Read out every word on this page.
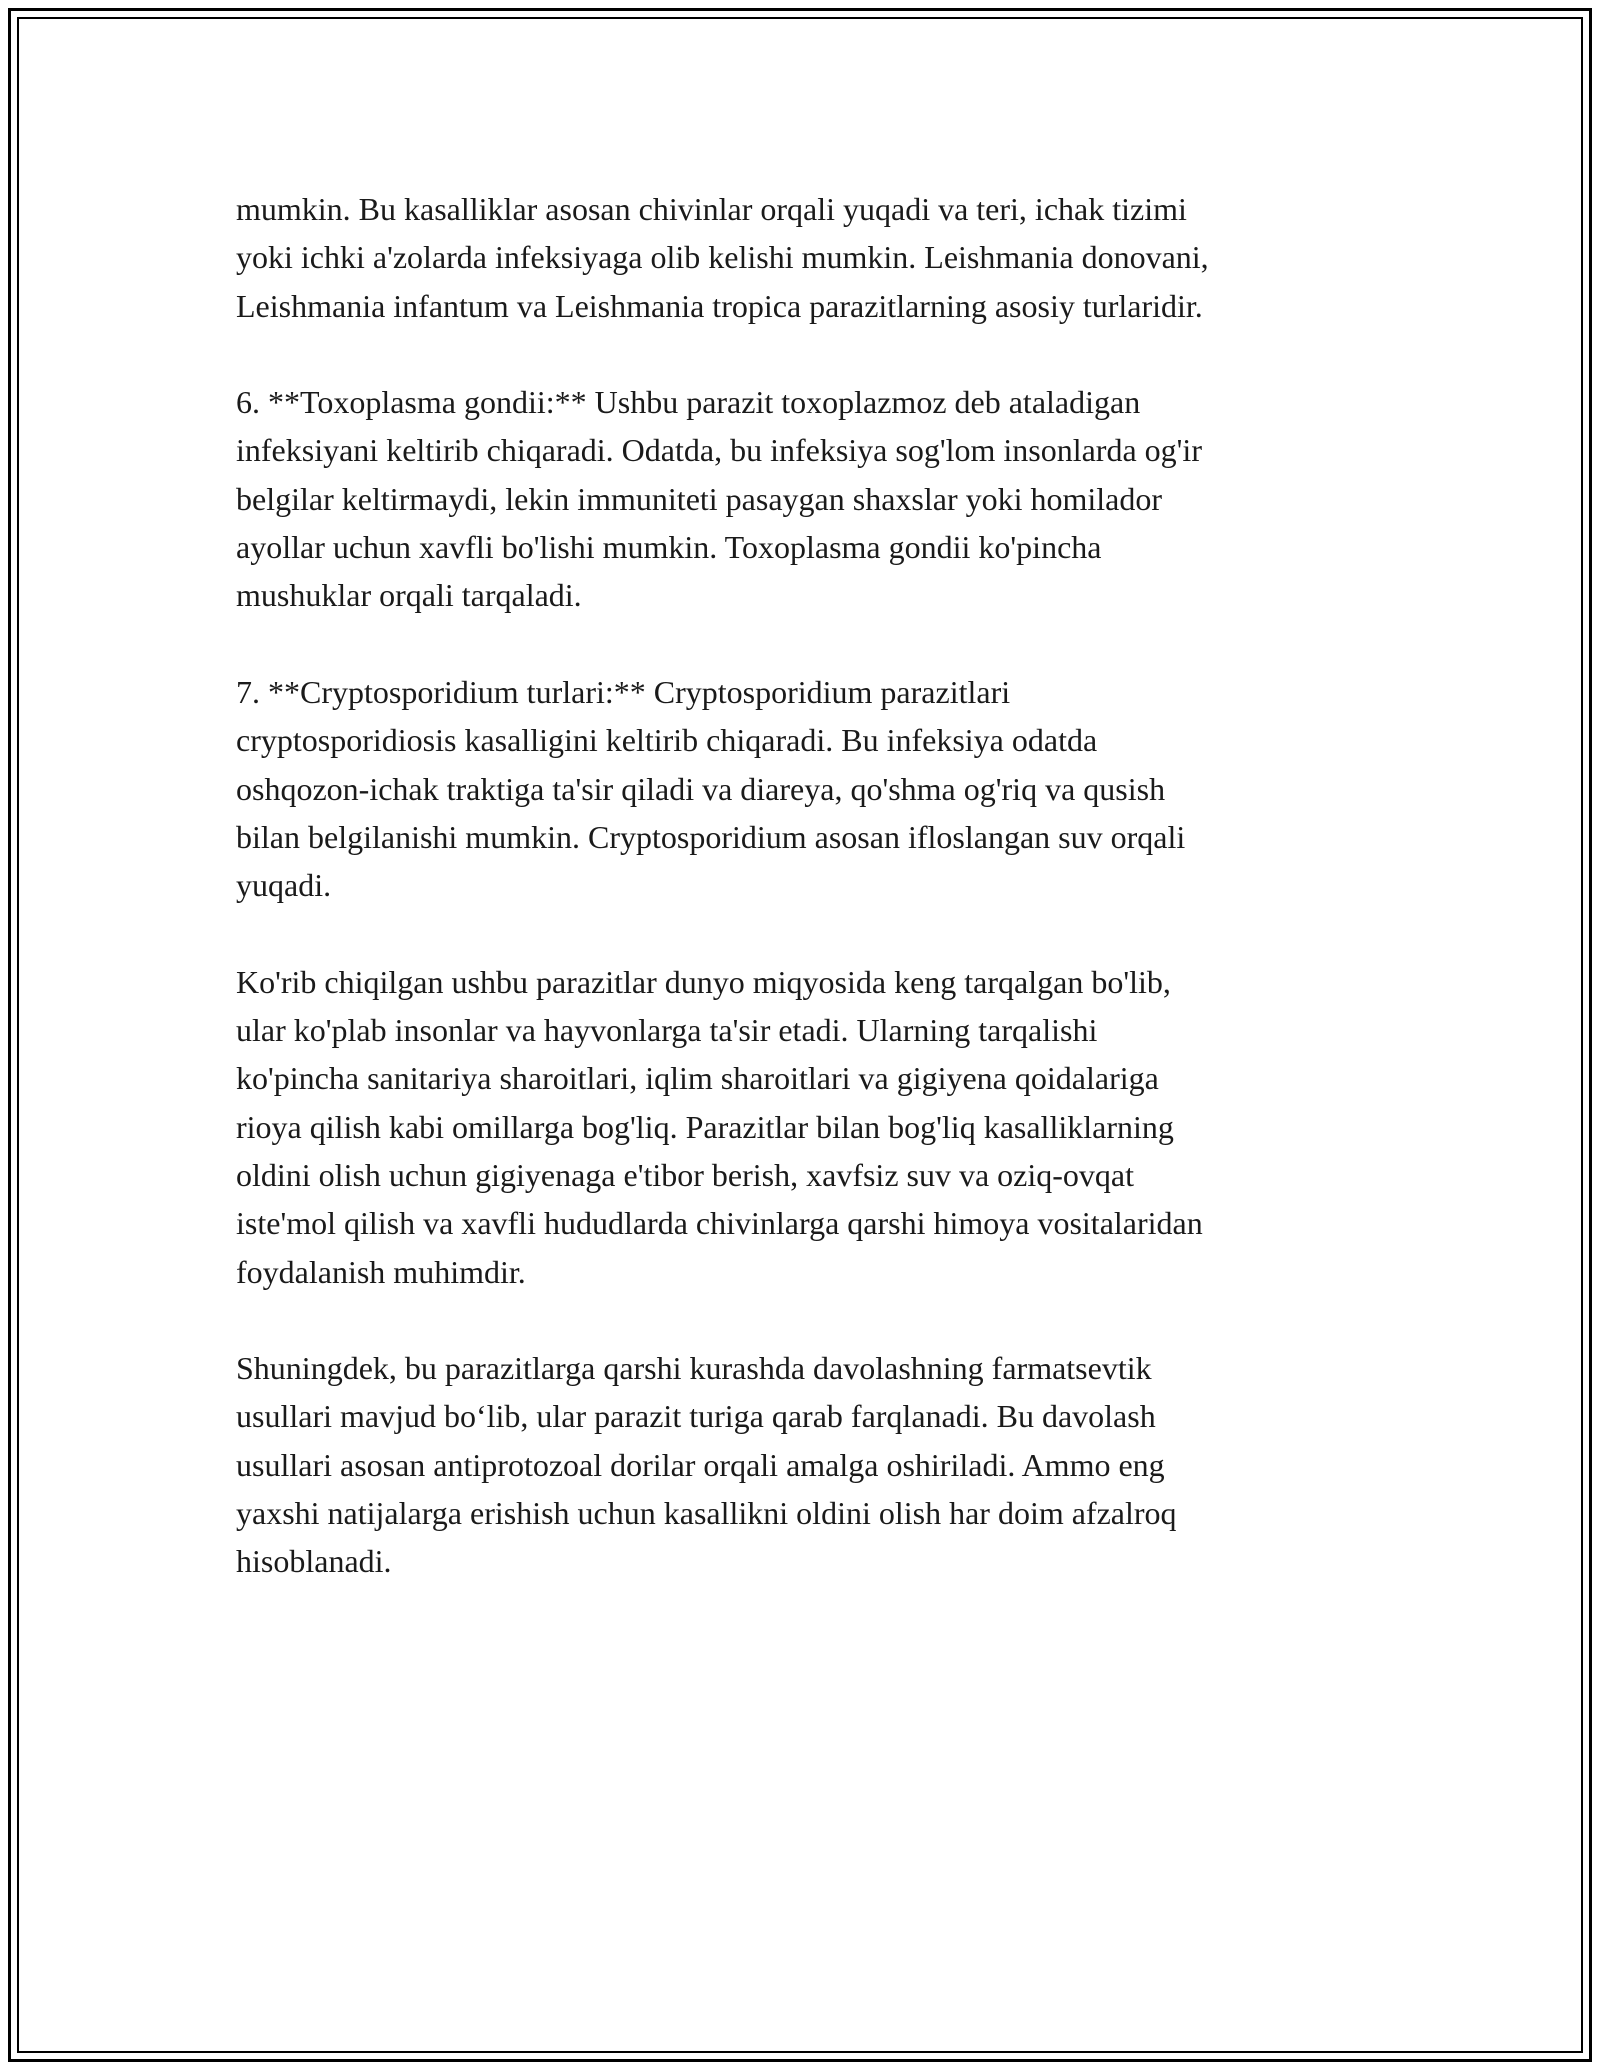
mumkin. Bu kasalliklar asosan chivinlar orqali yuqadi va teri, ichak tizimi
yoki ichki a'zolarda infeksiyaga olib kelishi mumkin. Leishmania donovani,
Leishmania infantum va Leishmania tropica parazitlarning asosiy turlaridir.

6. **Toxoplasma gondii:** Ushbu parazit toxoplazmoz deb ataladigan
infeksiyani keltirib chiqaradi. Odatda, bu infeksiya sog'lom insonlarda og'ir
belgilar keltirmaydi, lekin immuniteti pasaygan shaxslar yoki homilador
ayollar uchun xavfli bo'lishi mumkin. Toxoplasma gondii ko'pincha
mushuklar orqali tarqaladi.

7. **Cryptosporidium turlari:** Cryptosporidium parazitlari
cryptosporidiosis kasalligini keltirib chiqaradi. Bu infeksiya odatda
oshqozon-ichak traktiga ta'sir qiladi va diareya, qo'shma og'riq va qusish
bilan belgilanishi mumkin. Cryptosporidium asosan ifloslangan suv orqali
yuqadi.

Ko'rib chiqilgan ushbu parazitlar dunyo miqyosida keng tarqalgan bo'lib,
ular ko'plab insonlar va hayvonlarga ta'sir etadi. Ularning tarqalishi
ko'pincha sanitariya sharoitlari, iqlim sharoitlari va gigiyena qoidalariga
rioya qilish kabi omillarga bog'liq. Parazitlar bilan bog'liq kasalliklarning
oldini olish uchun gigiyenaga e'tibor berish, xavfsiz suv va oziq-ovqat
iste'mol qilish va xavfli hududlarda chivinlarga qarshi himoya vositalaridan
foydalanish muhimdir.

Shuningdek, bu parazitlarga qarshi kurashda davolashning farmatsevtik
usullari mavjud bo‘lib, ular parazit turiga qarab farqlanadi. Bu davolash
usullari asosan antiprotozoal dorilar orqali amalga oshiriladi. Ammo eng
yaxshi natijalarga erishish uchun kasallikni oldini olish har doim afzalroq
hisoblanadi.
